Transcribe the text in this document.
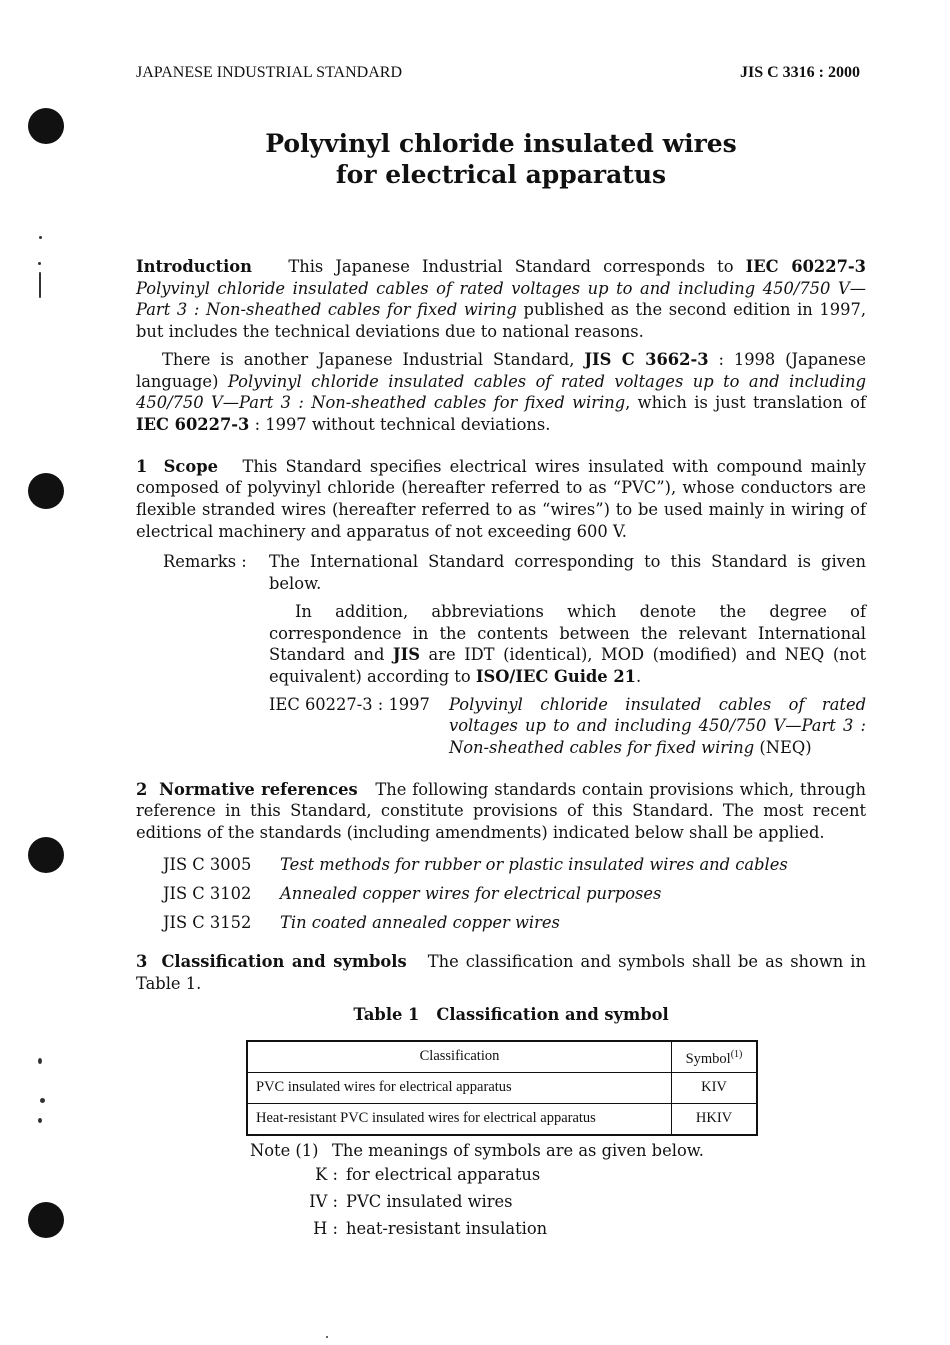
JAPANESE INDUSTRIAL STANDARD	JIS C 3316 : 2000
Polyvinyl chloride insulated wires
for electrical apparatus

Introduction This Japanese Industrial Standard corresponds to IEC 60227-3 Polyvinyl chloride insulated cables of rated voltages up to and including 450/750 V—Part 3 : Non-sheathed cables for fixed wiring published as the second edition in 1997, but includes the technical deviations due to national reasons.

There is another Japanese Industrial Standard, JIS C 3662-3 : 1998 (Japanese language) Polyvinyl chloride insulated cables of rated voltages up to and including 450/750 V—Part 3 : Non-sheathed cables for fixed wiring, which is just translation of IEC 60227-3 : 1997 without technical deviations.

1 Scope This Standard specifies electrical wires insulated with compound mainly composed of polyvinyl chloride (hereafter referred to as “PVC”), whose conductors are flexible stranded wires (hereafter referred to as “wires”) to be used mainly in wiring of electrical machinery and apparatus of not exceeding 600 V.

Remarks :	The International Standard corresponding to this Standard is given below.

In addition, abbreviations which denote the degree of correspondence in the contents between the relevant International Standard and JIS are IDT (identical), MOD (modified) and NEQ (not equivalent) according to ISO/IEC Guide 21.

IEC 60227-3 : 1997	Polyvinyl chloride insulated cables of rated voltages up to and including 450/750 V—Part 3 : Non-sheathed cables for fixed wiring (NEQ)

2 Normative references The following standards contain provisions which, through reference in this Standard, constitute provisions of this Standard. The most recent editions of the standards (including amendments) indicated below shall be applied.

JIS C 3005	Test methods for rubber or plastic insulated wires and cables
JIS C 3102	Annealed copper wires for electrical purposes
JIS C 3152	Tin coated annealed copper wires

3 Classification and symbols The classification and symbols shall be as shown in Table 1.

Table 1   Classification and symbol
Classification	Symbol$^{(1)}$
PVC insulated wires for electrical apparatus	KIV
Heat-resistant PVC insulated wires for electrical apparatus	HKIV
Note (1) The meanings of symbols are as given below.
K : for electrical apparatus
IV : PVC insulated wires
H : heat-resistant insulation
